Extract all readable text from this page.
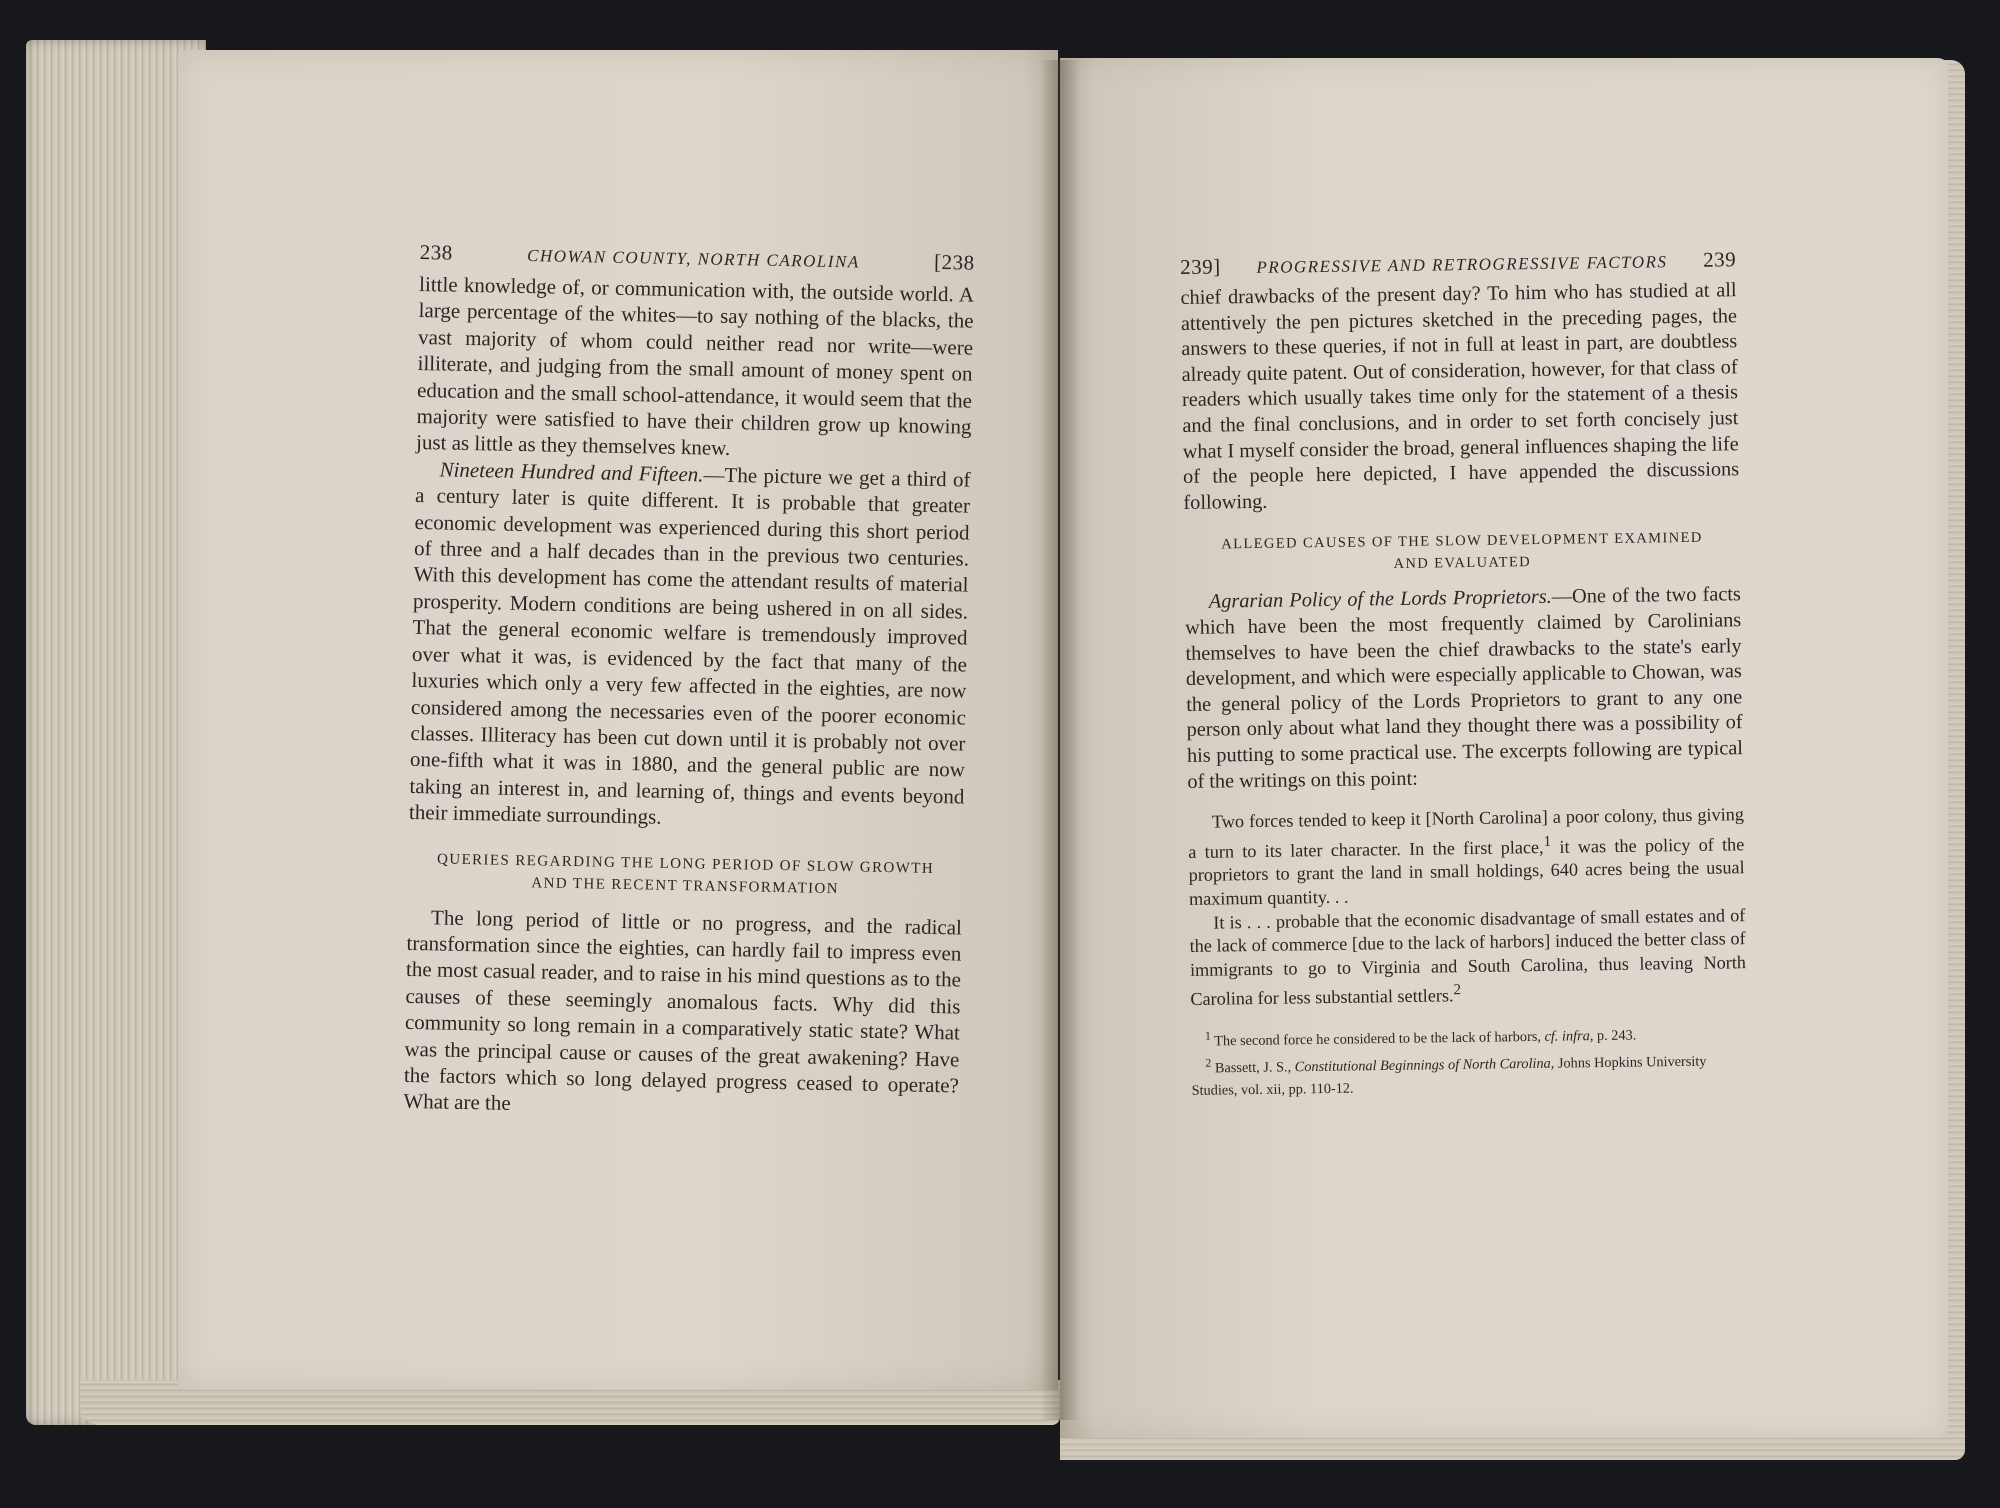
238	CHOWAN COUNTY, NORTH CAROLINA	[238

little knowledge of, or communication with, the outside world. A large percentage of the whites—to say nothing of the blacks, the vast majority of whom could neither read nor write—were illiterate, and judging from the small amount of money spent on education and the small school-attendance, it would seem that the majority were satisfied to have their children grow up knowing just as little as they themselves knew.

Nineteen Hundred and Fifteen.—The picture we get a third of a century later is quite different. It is probable that greater economic development was experienced during this short period of three and a half decades than in the previous two centuries. With this development has come the attendant results of material prosperity. Modern conditions are being ushered in on all sides. That the general economic welfare is tremendously improved over what it was, is evidenced by the fact that many of the luxuries which only a very few affected in the eighties, are now considered among the necessaries even of the poorer economic classes. Illiteracy has been cut down until it is probably not over one-fifth what it was in 1880, and the general public are now taking an interest in, and learning of, things and events beyond their immediate surroundings.

QUERIES REGARDING THE LONG PERIOD OF SLOW GROWTH
AND THE RECENT TRANSFORMATION

The long period of little or no progress, and the radical transformation since the eighties, can hardly fail to impress even the most casual reader, and to raise in his mind questions as to the causes of these seemingly anomalous facts. Why did this community so long remain in a comparatively static state? What was the principal cause or causes of the great awakening? Have the factors which so long delayed progress ceased to operate? What are the

239] PROGRESSIVE AND RETROGRESSIVE FACTORS 239

chief drawbacks of the present day? To him who has studied at all attentively the pen pictures sketched in the preceding pages, the answers to these queries, if not in full at least in part, are doubtless already quite patent. Out of consideration, however, for that class of readers which usually takes time only for the statement of a thesis and the final conclusions, and in order to set forth concisely just what I myself consider the broad, general influences shaping the life of the people here depicted, I have appended the discussions following.

ALLEGED CAUSES OF THE SLOW DEVELOPMENT EXAMINED
AND EVALUATED

Agrarian Policy of the Lords Proprietors.—One of the two facts which have been the most frequently claimed by Carolinians themselves to have been the chief drawbacks to the state's early development, and which were especially applicable to Chowan, was the general policy of the Lords Proprietors to grant to any one person only about what land they thought there was a possibility of his putting to some practical use. The excerpts following are typical of the writings on this point:

Two forces tended to keep it [North Carolina] a poor colony, thus giving a turn to its later character. In the first place,$^1$ it was the policy of the proprietors to grant the land in small holdings, 640 acres being the usual maximum quantity. . .

It is . . . probable that the economic disadvantage of small estates and of the lack of commerce [due to the lack of harbors] induced the better class of immigrants to go to Virginia and South Carolina, thus leaving North Carolina for less substantial settlers.$^2$

$^1$ The second force he considered to be the lack of harbors, cf. infra, p. 243.

$^2$ Bassett, J. S., Constitutional Beginnings of North Carolina, Johns Hopkins University Studies, vol. xii, pp. 110-12.
